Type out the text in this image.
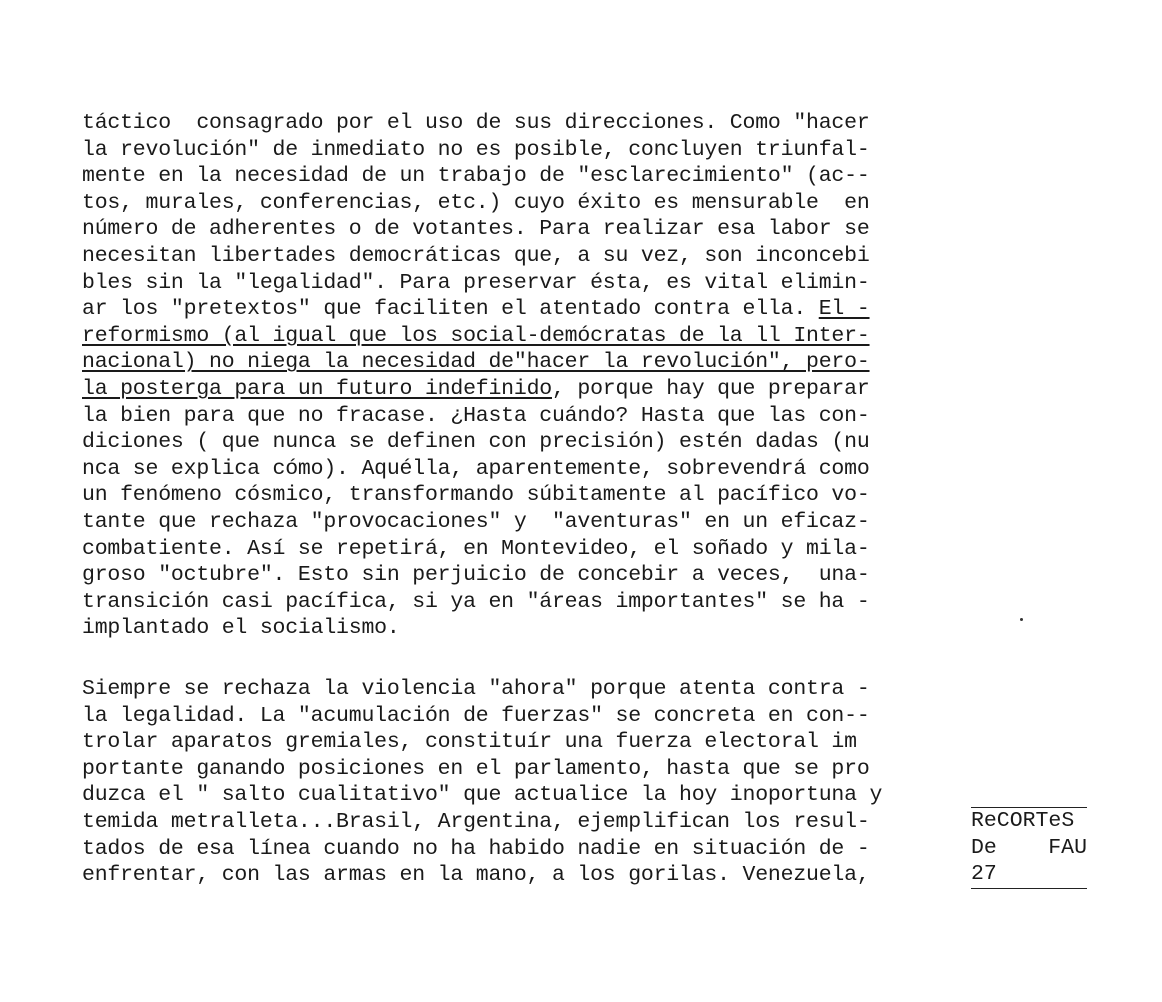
táctico  consagrado por el uso de sus direcciones. Como "hacer
la revolución" de inmediato no es posible, concluyen triunfal-
mente en la necesidad de un trabajo de "esclarecimiento" (ac--
tos, murales, conferencias, etc.) cuyo éxito es mensurable  en
número de adherentes o de votantes. Para realizar esa labor se
necesitan libertades democráticas que, a su vez, son inconcebi
bles sin la "legalidad". Para preservar ésta, es vital elimin-
ar los "pretextos" que faciliten el atentado contra ella. El -
reformismo (al igual que los social-demócratas de la ll Inter-
nacional) no niega la necesidad de"hacer la revolución", pero-
la posterga para un futuro indefinido, porque hay que preparar
la bien para que no fracase. ¿Hasta cuándo? Hasta que las con-
diciones ( que nunca se definen con precisión) estén dadas (nu
nca se explica cómo). Aquélla, aparentemente, sobrevendrá como
un fenómeno cósmico, transformando súbitamente al pacífico vo-
tante que rechaza "provocaciones" y  "aventuras" en un eficaz-
combatiente. Así se repetirá, en Montevideo, el soñado y mila-
groso "octubre". Esto sin perjuicio de concebir a veces,  una-
transición casi pacífica, si ya en "áreas importantes" se ha -
implantado el socialismo.
Siempre se rechaza la violencia "ahora" porque atenta contra -
la legalidad. La "acumulación de fuerzas" se concreta en con--
trolar aparatos gremiales, constituír una fuerza electoral im
portante ganando posiciones en el parlamento, hasta que se pro
duzca el " salto cualitativo" que actualice la hoy inoportuna y
temida metralleta...Brasil, Argentina, ejemplifican los resul-
tados de esa línea cuando no ha habido nadie en situación de -
enfrentar, con las armas en la mano, a los gorilas. Venezuela,
ReCORTeS
De FAU
27
